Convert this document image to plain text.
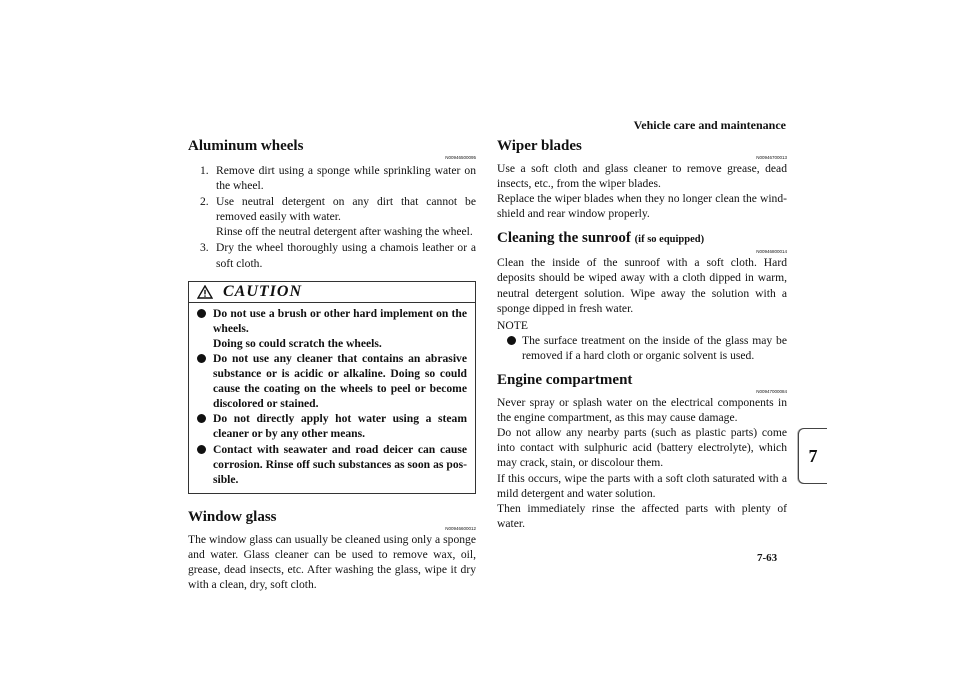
Vehicle care and maintenance
7
7-63
Aluminum wheels
N00946500095
1. Remove dirt using a sponge while sprinkling water on the wheel.
2. Use neutral detergent on any dirt that cannot be removed easily with water.
Rinse off the neutral detergent after washing the wheel.
3. Dry the wheel thoroughly using a chamois leather or a soft cloth.
CAUTION
Do not use a brush or other hard implement on the wheels.
Doing so could scratch the wheels.
Do not use any cleaner that contains an abrasive substance or is acidic or alkaline. Doing so could cause the coating on the wheels to peel or become discolored or stained.
Do not directly apply hot water using a steam cleaner or by any other means.
Contact with seawater and road deicer can cause corrosion. Rinse off such substances as soon as pos-sible.
Window glass
N00946600012

The window glass can usually be cleaned using only a sponge and water. Glass cleaner can be used to remove wax, oil, grease, dead insects, etc. After washing the glass, wipe it dry with a clean, dry, soft cloth.

Wiper blades
N00946700013

Use a soft cloth and glass cleaner to remove grease, dead insects, etc., from the wiper blades.

Replace the wiper blades when they no longer clean the wind-shield and rear window properly.

Cleaning the sunroof (if so equipped)
N00946800014

Clean the inside of the sunroof with a soft cloth. Hard deposits should be wiped away with a cloth dipped in warm, neutral detergent solution. Wipe away the solution with a sponge dipped in fresh water.

NOTE
The surface treatment on the inside of the glass may be removed if a hard cloth or organic solvent is used.
Engine compartment
N00947000084

Never spray or splash water on the electrical components in the engine compartment, as this may cause damage.

Do not allow any nearby parts (such as plastic parts) come into contact with sulphuric acid (battery electrolyte), which may crack, stain, or discolour them.

If this occurs, wipe the parts with a soft cloth saturated with a mild detergent and water solution.

Then immediately rinse the affected parts with plenty of water.
